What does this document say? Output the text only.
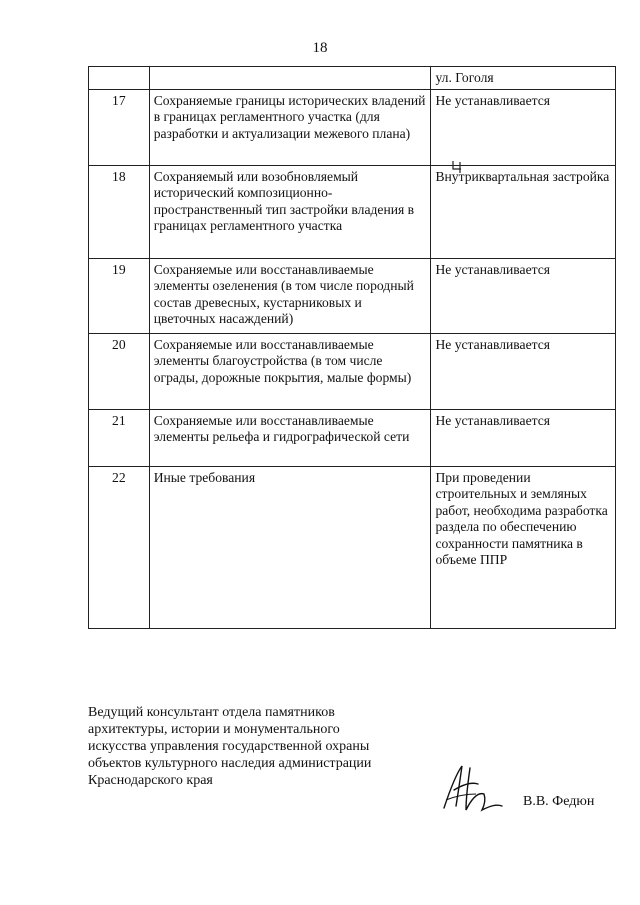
18
		ул. Гоголя
17	Сохраняемые границы исторических владений в границах регламентного участка (для разработки и актуализации межевого плана)	Не устанавливается
18	Сохраняемый или возобновляемый исторический композиционно-пространственный тип застройки владения в границах регламентного участка	Внутриквартальная застройка
19	Сохраняемые или восстанавливаемые элементы озеленения (в том числе породный состав древесных, кустарниковых и цветочных насаждений)	Не устанавливается
20	Сохраняемые или восстанавливаемые элементы благоустройства (в том числе ограды, дорожные покрытия, малые формы)	Не устанавливается
21	Сохраняемые или восстанавливаемые элементы рельефа и гидрографической сети	Не устанавливается
22	Иные требования	При проведении строительных и земляных работ, необходима разработка раздела по обеспечению сохранности памятника в объеме ППР
Ведущий консультант отдела памятников
архитектуры, истории и монументального
искусства управления государственной охраны
объектов культурного наследия администрации
Краснодарского края
В.В. Федюн
